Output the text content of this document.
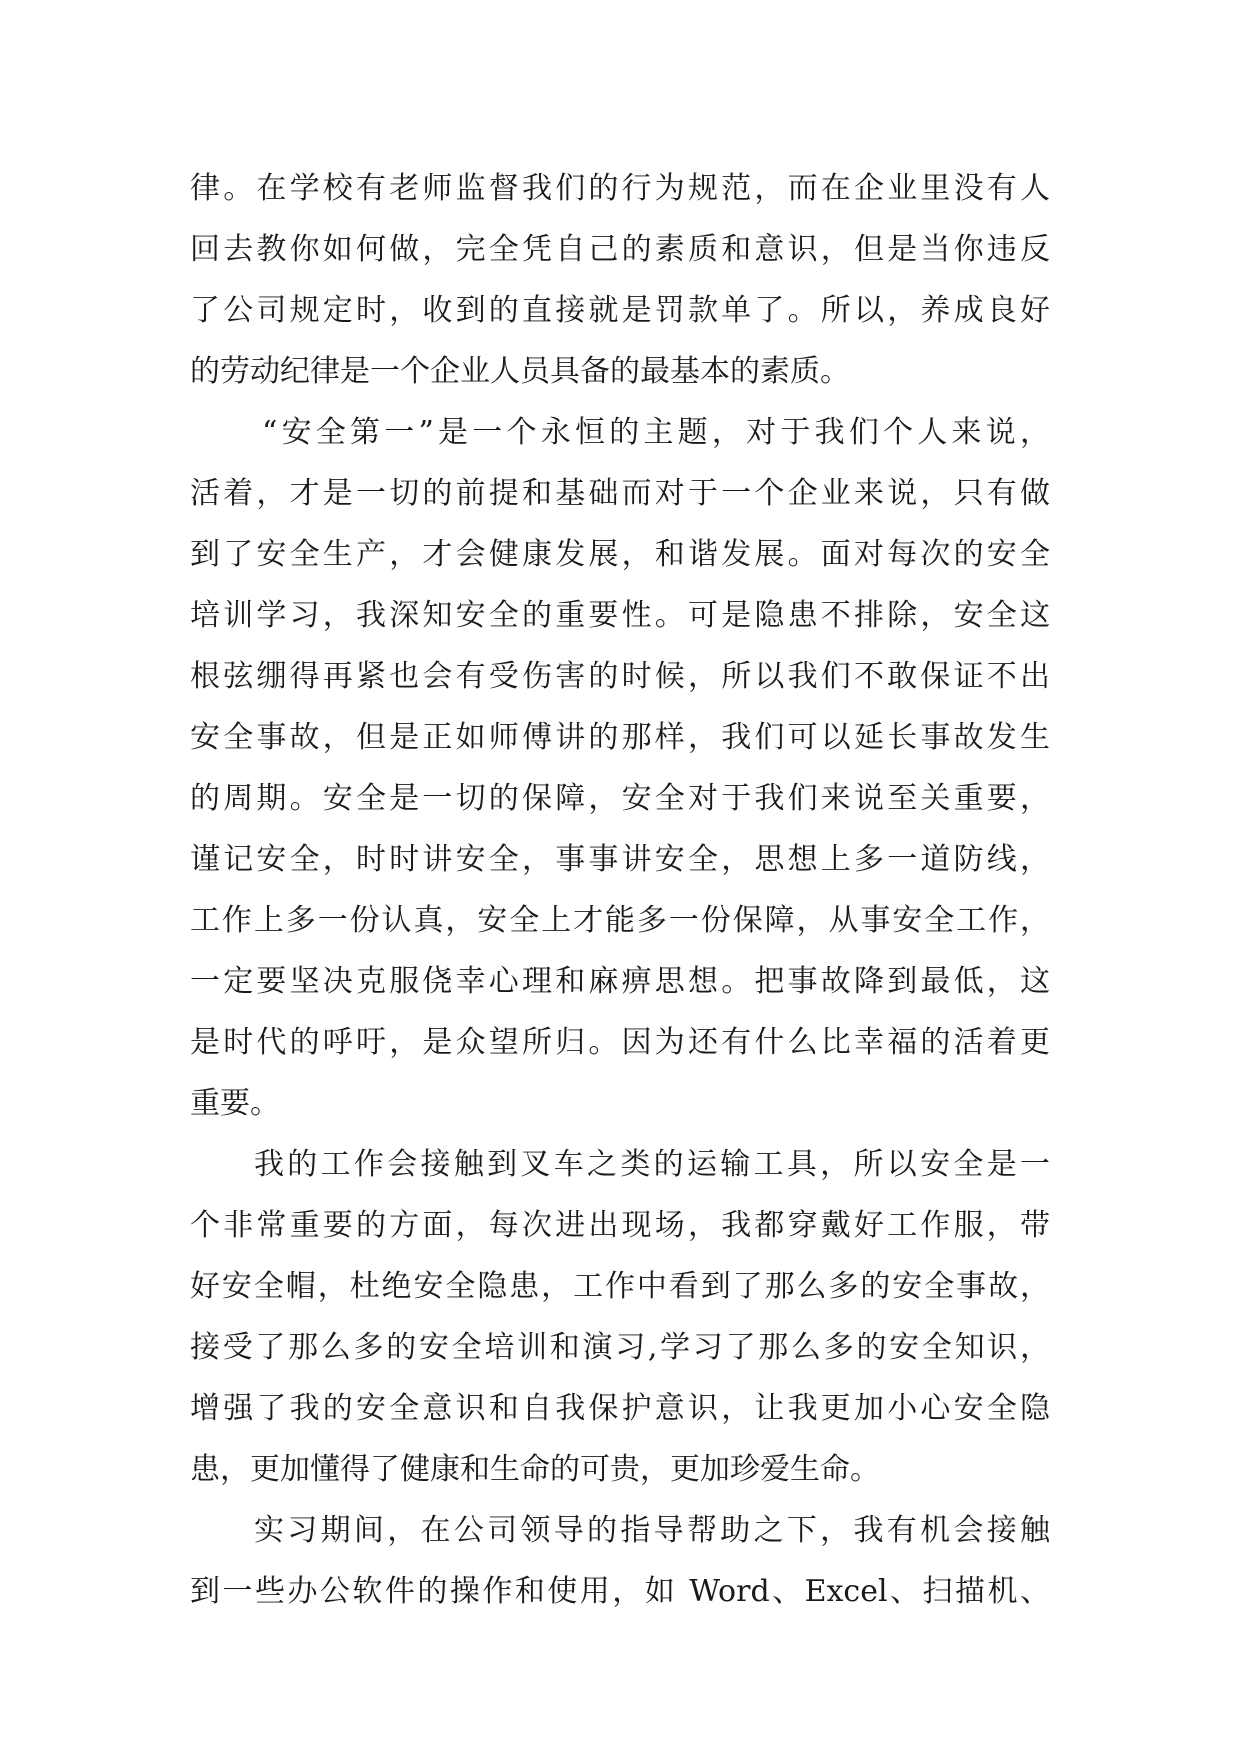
律。在学校有老师监督我们的行为规范，而在企业里没有人
回去教你如何做，完全凭自己的素质和意识，但是当你违反
了公司规定时，收到的直接就是罚款单了。所以，养成良好
的劳动纪律是一个企业人员具备的最基本的素质。
“安全第一”是一个永恒的主题，对于我们个人来说，
活着，才是一切的前提和基础而对于一个企业来说，只有做
到了安全生产，才会健康发展，和谐发展。面对每次的安全
培训学习，我深知安全的重要性。可是隐患不排除，安全这
根弦绷得再紧也会有受伤害的时候，所以我们不敢保证不出
安全事故，但是正如师傅讲的那样，我们可以延长事故发生
的周期。安全是一切的保障，安全对于我们来说至关重要，
谨记安全，时时讲安全，事事讲安全，思想上多一道防线，
工作上多一份认真，安全上才能多一份保障，从事安全工作，
一定要坚决克服侥幸心理和麻痹思想。把事故降到最低，这
是时代的呼吁，是众望所归。因为还有什么比幸福的活着更
重要。
我的工作会接触到叉车之类的运输工具，所以安全是一
个非常重要的方面，每次进出现场，我都穿戴好工作服，带
好安全帽，杜绝安全隐患，工作中看到了那么多的安全事故，
接受了那么多的安全培训和演习,学习了那么多的安全知识，
增强了我的安全意识和自我保护意识，让我更加小心安全隐
患，更加懂得了健康和生命的可贵，更加珍爱生命。
实习期间，在公司领导的指导帮助之下，我有机会接触
到一些办公软件的操作和使用，如 Word、Excel、扫描机、
